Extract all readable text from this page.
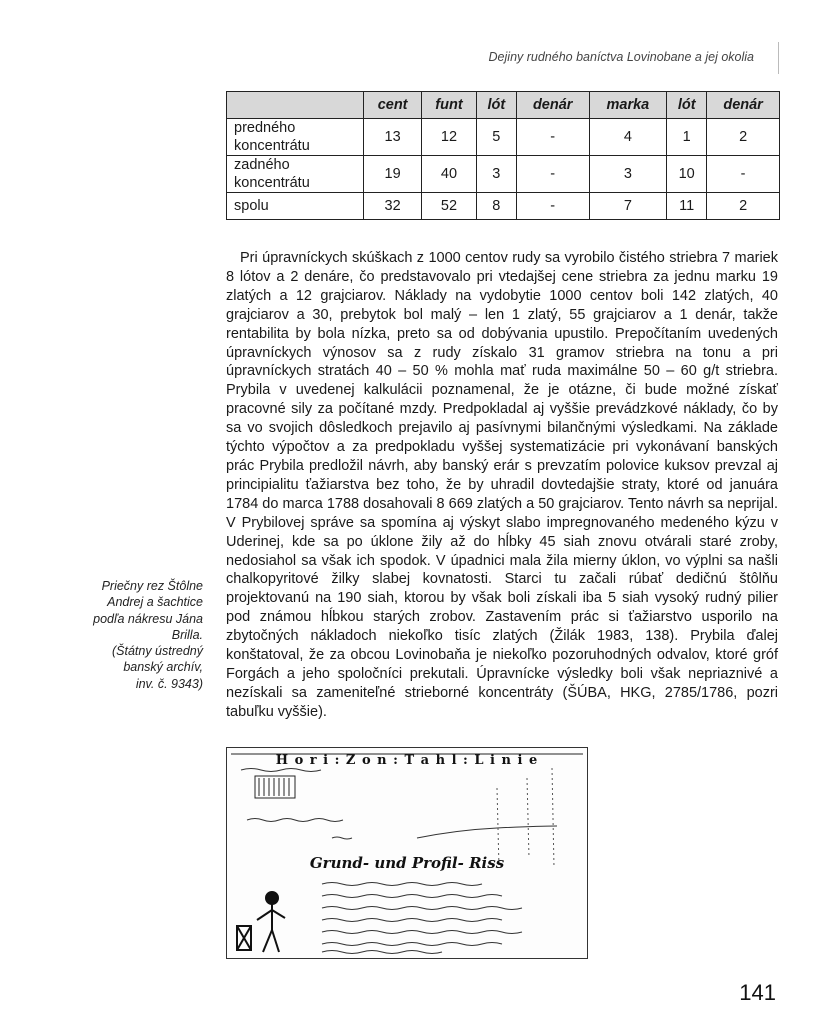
Dejiny rudného baníctva Lovinobane a jej okolia
	cent	funt	lót	denár	marka	lót	denár
predného
koncentrátu	13	12	5	-	4	1	2
zadného
koncentrátu	19	40	3	-	3	10	-
spolu	32	52	8	-	7	11	2

Pri úpravníckych skúškach z 1000 centov rudy sa vyrobilo čistého striebra 7 mariek 8 lótov a 2 denáre, čo predstavovalo pri vtedajšej cene striebra za jednu marku 19 zlatých a 12 grajciarov. Náklady na vydobytie 1000 centov boli 142 zlatých, 40 grajciarov a 30, prebytok bol malý – len 1 zlatý, 55 grajciarov a 1 denár, takže rentabilita by bola nízka, preto sa od dobývania upustilo. Prepočítaním uvedených úpravníckych výnosov sa z rudy získalo 31 gramov striebra na tonu a pri úpravníckych stratách 40 – 50 % mohla mať ruda maximálne 50 – 60 g/t striebra. Prybila v uvedenej kalkulácii poznamenal, že je otázne, či bude možné získať pracovné sily za počítané mzdy. Predpokladal aj vyššie prevádzkové náklady, čo by sa vo svojich dôsledkoch prejavilo aj pasívnymi bilančnými výsledkami. Na základe týchto výpočtov a za predpokladu vyššej systematizácie pri vykonávaní banských prác Prybila predložil návrh, aby banský erár s prevzatím polovice kuksov prevzal aj principialitu ťažiarstva bez toho, že by uhradil dovtedajšie straty, ktoré od januára 1784 do marca 1788 dosahovali 8 669 zlatých a 50 grajciarov. Tento návrh sa neprijal. V Prybilovej správe sa spomína aj výskyt slabo impregnovaného medeného kýzu v Uderinej, kde sa po úklone žily až do hĺbky 45 siah znovu otvárali staré zroby, nedosiahol sa však ich spodok. V úpadnici mala žila mierny úklon, vo výplni sa našli chalkopyritové žilky slabej kovnatosti. Starci tu začali rúbať dedičnú štôlňu projektovanú na 190 siah, ktorou by však boli získali iba 5 siah vysoký rudný pilier pod známou hĺbkou starých zrobov. Zastavením prác si ťažiarstvo usporilo na zbytočných nákladoch niekoľko tisíc zlatých (Žilák 1983, 138). Prybila ďalej konštatoval, že za obcou Lovinobaňa je niekoľko pozoruhodných odvalov, ktoré gróf Forgách a jeho spoločníci prekutali. Úpravnícke výsledky boli však nepriaznivé a nezískali sa zameniteľné strieborné koncentráty (ŠÚBA, HKG, 2785/1786, pozri tabuľku vyššie).

Priečny rez Štôlne
Andrej a šachtice
podľa nákresu Jána
Brilla.
(Štátny ústredný
banský archív,
inv. č. 9343)

H o r i : Z o n : T a h l : L i n i e
Grund- und Profil- Riss
141
